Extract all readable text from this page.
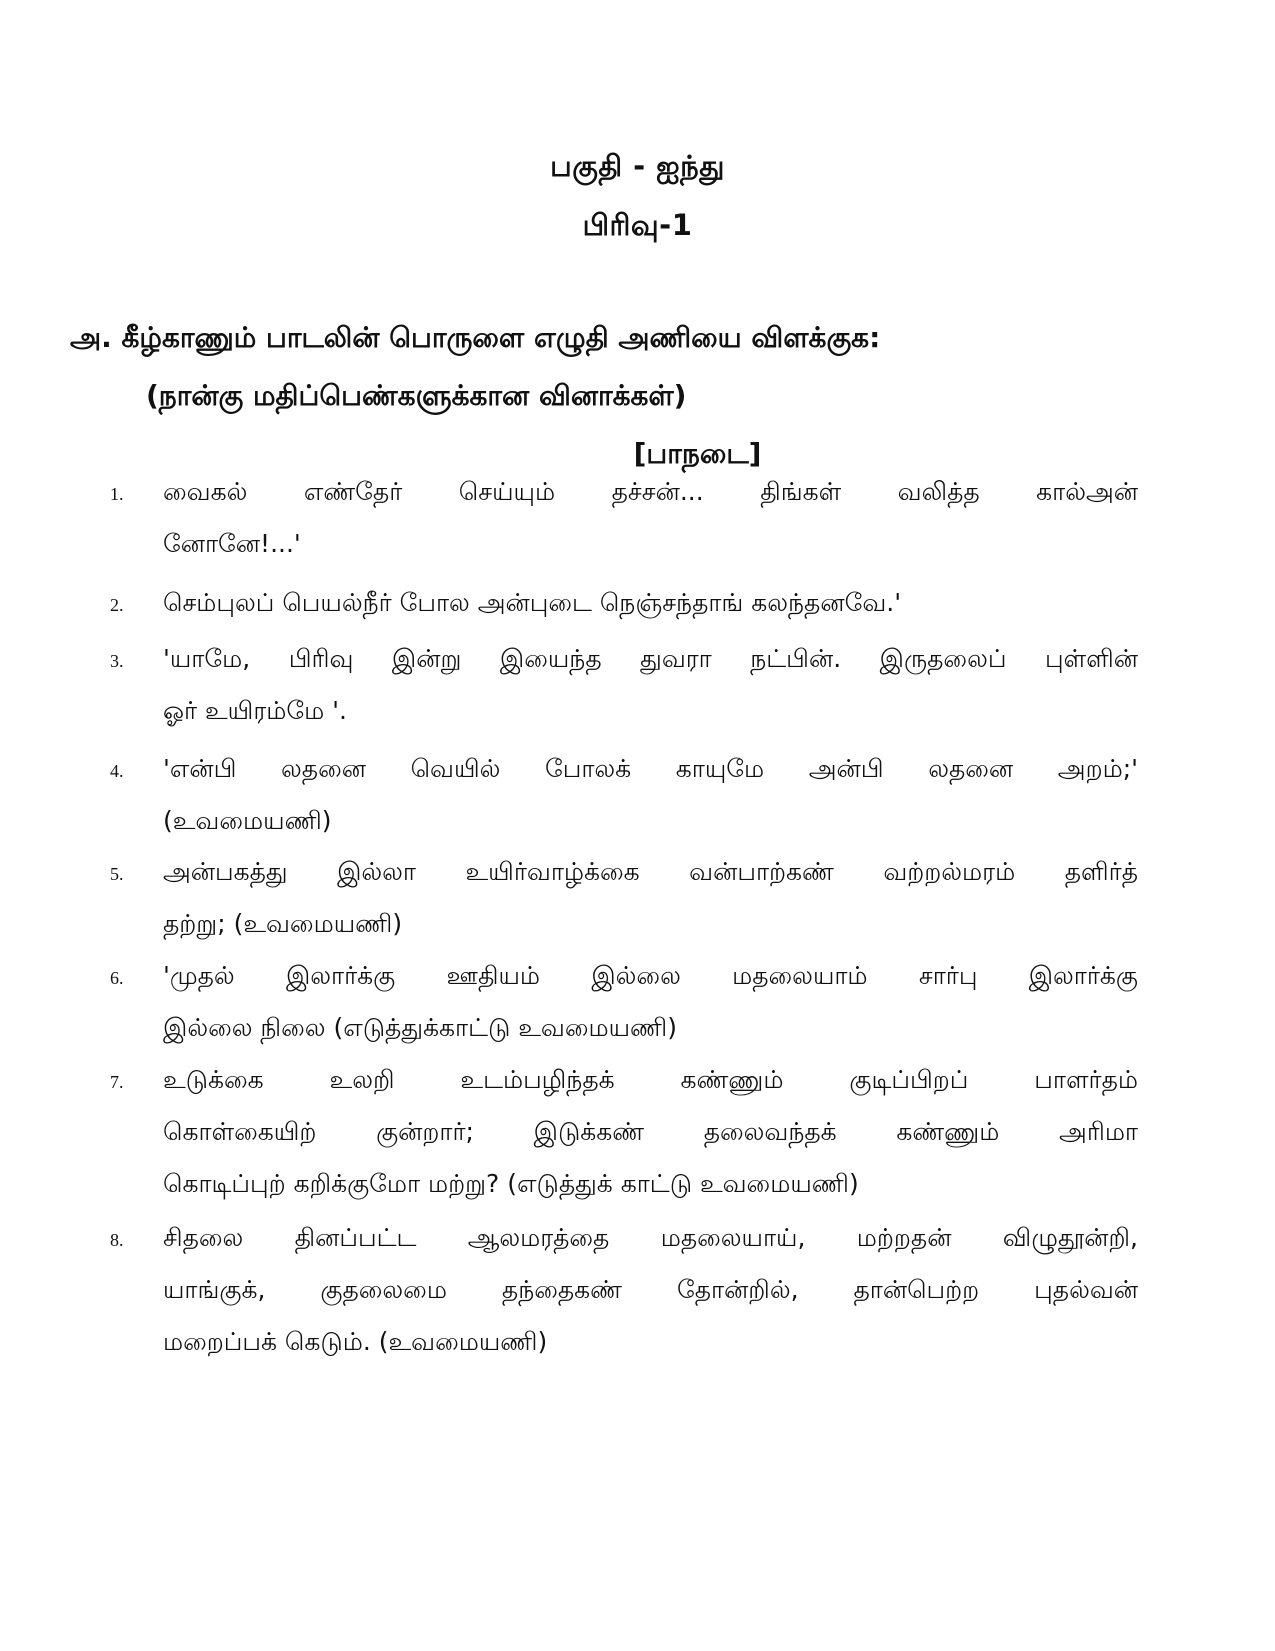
பகுதி - ஐந்து
பிரிவு-1
அ. கீழ்காணும் பாடலின் பொருளை எழுதி அணியை விளக்குக:
(நான்கு மதிப்பெண்களுக்கான வினாக்கள்)
[பாநடை]
1. வைகல் எண்தேர் செய்யும் தச்சன்... திங்கள் வலித்த கால்அன்
னோனே!...'
2. செம்புலப் பெயல்நீர் போல அன்புடை நெஞ்சந்தாங் கலந்தனவே.'
3. 'யாமே, பிரிவு இன்று இயைந்த துவரா நட்பின். இருதலைப் புள்ளின்
ஓர் உயிரம்மே '.
4. 'என்பி லதனை வெயில் போலக் காயுமே அன்பி லதனை அறம்;'
(உவமையணி)
5. அன்பகத்து இல்லா உயிர்வாழ்க்கை வன்பாற்கண் வற்றல்மரம் தளிர்த்
தற்று; (உவமையணி)
6. 'முதல் இலார்க்கு ஊதியம் இல்லை மதலையாம் சார்பு இலார்க்கு
இல்லை நிலை (எடுத்துக்காட்டு உவமையணி)
7. உடுக்கை உலறி உடம்பழிந்தக் கண்ணும் குடிப்பிறப் பாளர்தம்
கொள்கையிற் குன்றார்; இடுக்கண் தலைவந்தக் கண்ணும் அரிமா
கொடிப்புற் கறிக்குமோ மற்று? (எடுத்துக் காட்டு உவமையணி)
8. சிதலை தினப்பட்ட ஆலமரத்தை மதலையாய், மற்றதன் விழுதூன்றி,
யாங்குக், குதலைமை தந்தைகண் தோன்றில், தான்பெற்ற புதல்வன்
மறைப்பக் கெடும். (உவமையணி)
